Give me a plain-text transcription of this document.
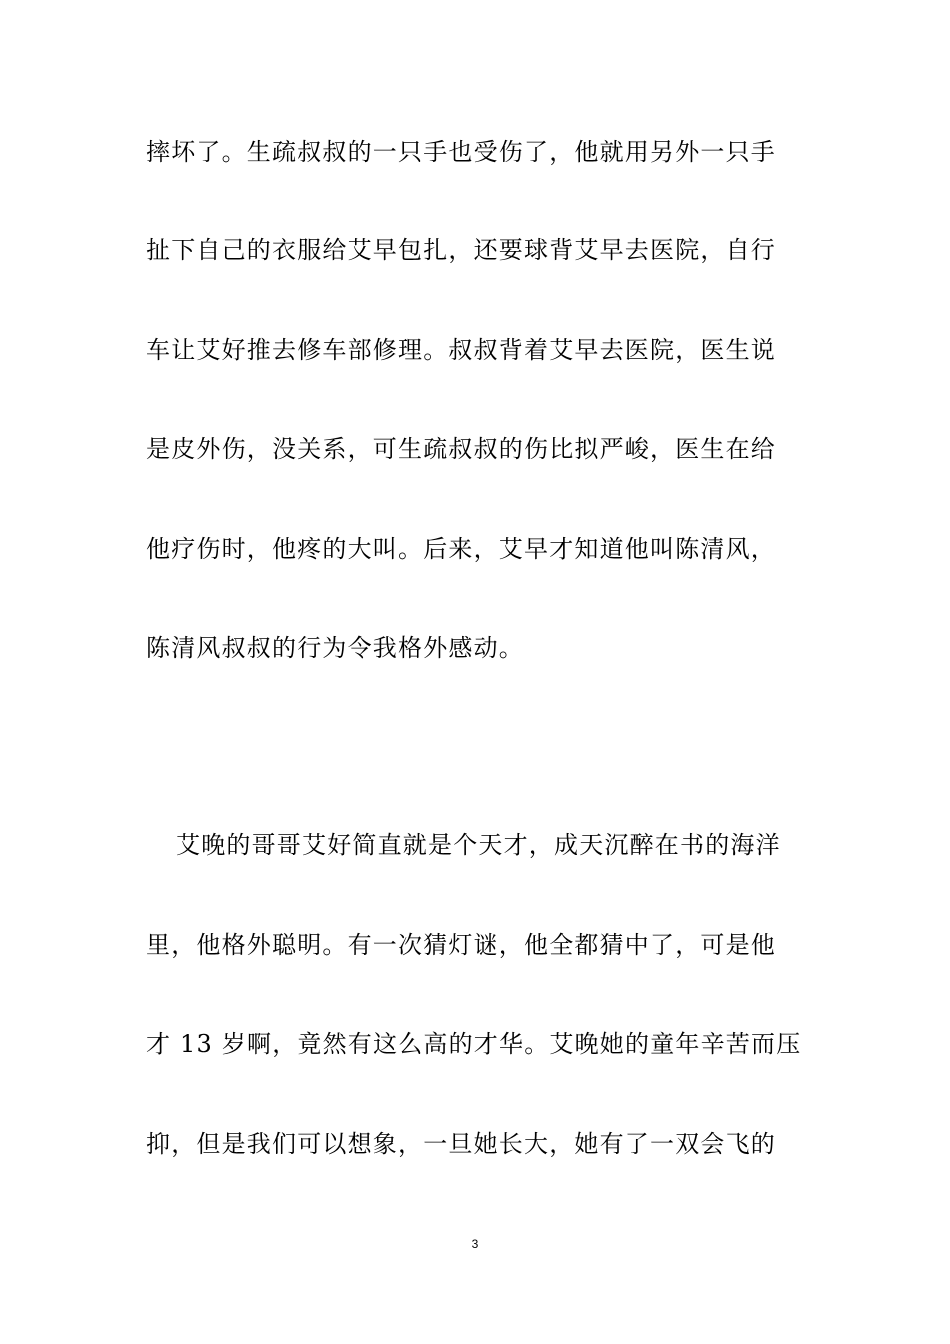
摔坏了。生疏叔叔的一只手也受伤了，他就用另外一只手
扯下自己的衣服给艾早包扎，还要球背艾早去医院，自行
车让艾好推去修车部修理。叔叔背着艾早去医院，医生说
是皮外伤，没关系，可生疏叔叔的伤比拟严峻，医生在给
他疗伤时，他疼的大叫。后来，艾早才知道他叫陈清风，
陈清风叔叔的行为令我格外感动。
艾晚的哥哥艾好简直就是个天才，成天沉醉在书的海洋
里，他格外聪明。有一次猜灯谜，他全都猜中了，可是他
才 13 岁啊，竟然有这么高的才华。艾晚她的童年辛苦而压
抑，但是我们可以想象，一旦她长大，她有了一双会飞的
3
